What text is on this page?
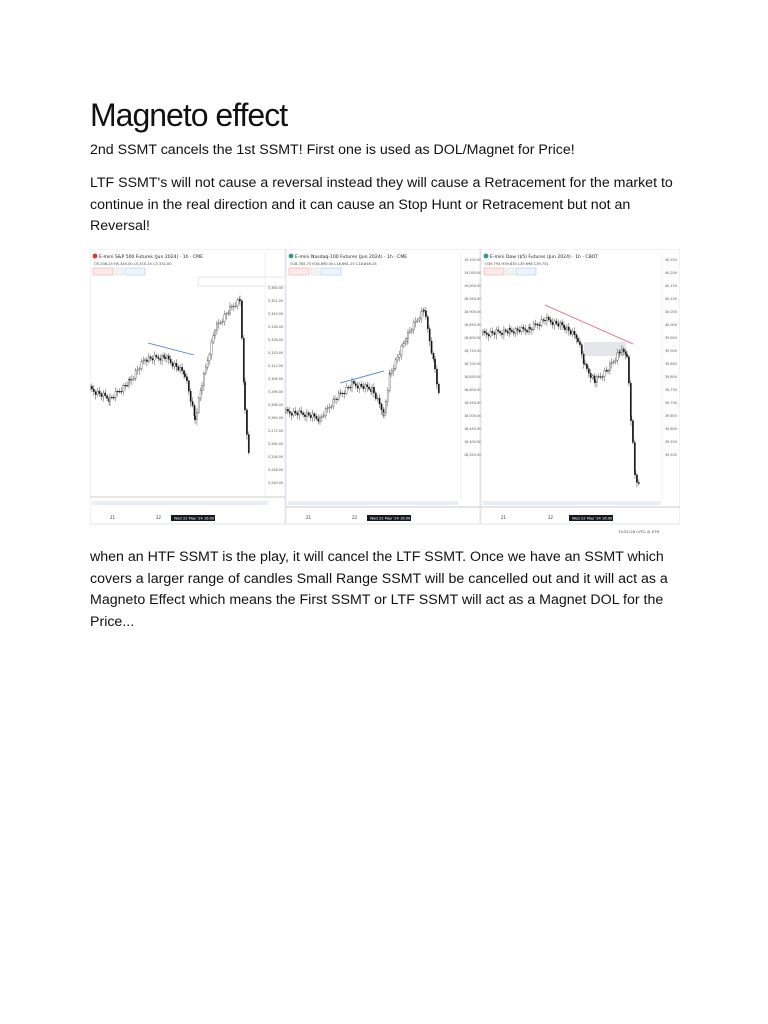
Magneto effect

2nd SSMT cancels the 1st SSMT! First one is used as DOL/Magnet for Price!

LTF SSMT's will not cause a reversal instead they will cause a Retracement for the market to continue in the real direction and it can cause an Stop Hunt or Retracement but not an Reversal!

E-mini S&P 500 Futures (Jun 2024) · 1h · CME
O5,208.25 H5,345.00 L5,310.25 C5,331.00
21	22	Wed 22 May '24 16:00
5,360.00
5,352.00
5,344.00
5,336.00
5,328.00
5,320.00
5,312.00
5,304.00
5,296.00
5,288.00
5,280.00
5,272.00
5,264.00
5,256.00
5,248.00
5,240.00
E-mini Nasdaq-100 Futures (Jun 2024) · 1h · CME
O18,785.75 H18,890.00 L18,661.25 C18,846.25
21	22	Wed 22 May '24 16:00
19,100.00
19,050.00
19,000.00
18,950.00
18,900.00
18,850.00
18,800.00
18,750.00
18,700.00
18,650.00
18,600.00
18,550.00
18,500.00
18,450.00
18,400.00
18,350.00
E-mini Dow ($5) Futures (Jun 2024) · 1h · CBOT
O39,793 H39,830 L39,698 C39,751
21	22	Wed 22 May '24 16:00
13:52:26 (UTC-4) ETH
40,250
40,200
40,150
40,100
40,050
40,000
39,950
39,900
39,850
39,800
39,750
39,700
39,650
39,600
39,550
39,500

when an HTF SSMT is the play, it will cancel the LTF SSMT. Once we have an SSMT which covers a larger range of candles Small Range SSMT will be cancelled out and it will act as a Magneto Effect which means the First SSMT or LTF SSMT will act as a Magnet DOL for the Price...
